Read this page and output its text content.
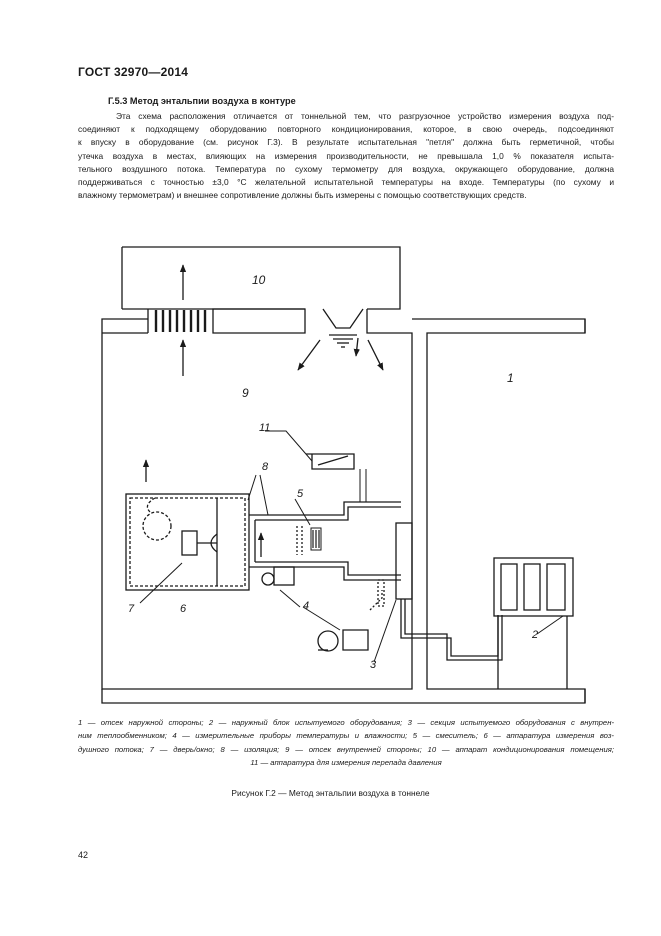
ГОСТ 32970—2014
Г.5.3 Метод энтальпии воздуха в контуре
Эта схема расположения отличается от тоннельной тем, что разгрузочное устройство измерения воздуха под-
соединяют к подходящему оборудованию повторного кондиционирования, которое, в свою очередь, подсоединяют
к впуску в оборудование (см. рисунок Г.3). В результате испытательная "петля" должна быть герметичной, чтобы
утечка воздуха в местах, влияющих на измерения производительности, не превышала 1,0 % показателя испыта-
тельного воздушного потока. Температура по сухому термометру для воздуха, окружающего оборудование, должна
поддерживаться с точностью ±3,0 °С желательной испытательной температуры на входе. Температуры (по сухому и
влажному термометрам) и внешнее сопротивление должны быть измерены с помощью соответствующих средств.
10
9
1
11
8
5
4
7	6
3
2
1 — отсек наружной стороны; 2 — наружный блок испытуемого оборудования; 3 — секция испытуемого оборудования с внутрен-
ним теплообменником; 4 — измерительные приборы температуры и влажности; 5 — смеситель; 6 — аппаратура измерения воз-
душного потока; 7 — дверь/окно; 8 — изоляция; 9 — отсек внутренней стороны; 10 — аппарат кондиционирования помещения;
11 — аппаратура для измерения перепада давления
Рисунок Г.2 — Метод энтальпии воздуха в тоннеле
42
